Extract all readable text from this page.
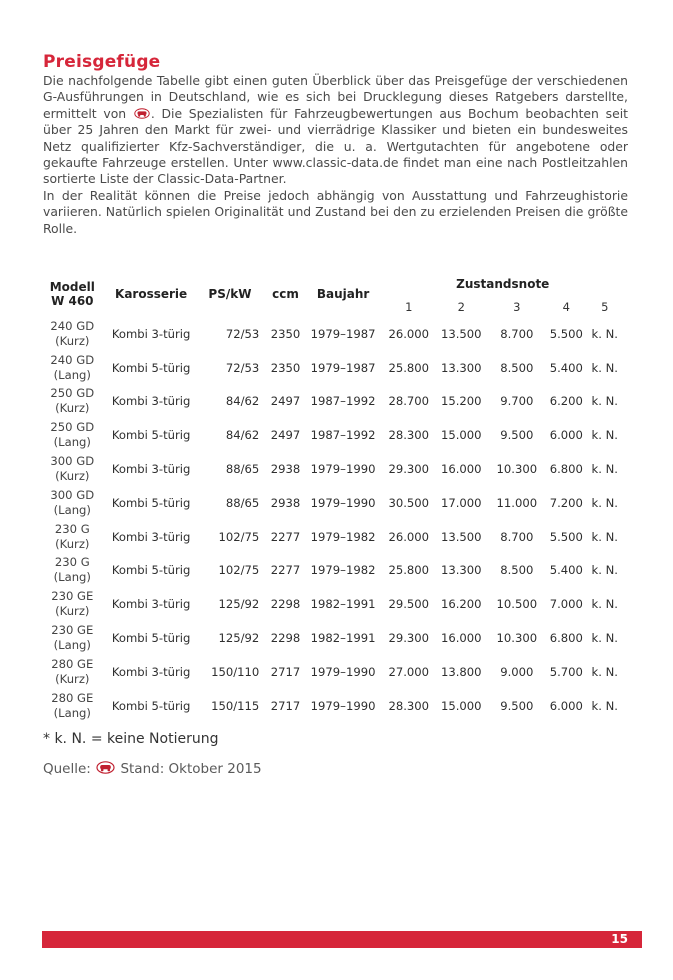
Preisgefüge

Die nachfolgende Tabelle gibt einen guten Überblick über das Preisgefüge der verschiedenen G-Ausführungen in Deutschland, wie es sich bei Drucklegung dieses Ratgebers darstellte, ermittelt von . Die Spezialisten für Fahrzeugbewertungen aus Bochum beobachten seit über 25 Jahren den Markt für zwei- und vierrädrige Klassiker und bieten ein bundesweites Netz qualifizierter Kfz-Sachverständiger, die u. a. Wertgutachten für angebotene oder gekaufte Fahrzeuge erstellen. Unter www.classic-data.de findet man eine nach Postleitzahlen sortierte Liste der Classic-Data-Partner.

In der Realität können die Preise jedoch abhängig von Ausstattung und Fahrzeughistorie variieren. Natürlich spielen Originalität und Zustand bei den zu erzielenden Preisen die größte Rolle.

Modell
W 460	Karosserie	PS/kW	ccm	Baujahr	Zustandsnote				
					1	2	3	4	5

240 GD
(Kurz)	Kombi 3-türig	72/53	2350	1979–1987	26.000	13.500	8.700	5.500	k. N.

240 GD
(Lang)	Kombi 5-türig	72/53	2350	1979–1987	25.800	13.300	8.500	5.400	k. N.

250 GD
(Kurz)	Kombi 3-türig	84/62	2497	1987–1992	28.700	15.200	9.700	6.200	k. N.

250 GD
(Lang)	Kombi 5-türig	84/62	2497	1987–1992	28.300	15.000	9.500	6.000	k. N.

300 GD
(Kurz)	Kombi 3-türig	88/65	2938	1979–1990	29.300	16.000	10.300	6.800	k. N.

300 GD
(Lang)	Kombi 5-türig	88/65	2938	1979–1990	30.500	17.000	11.000	7.200	k. N.

230 G
(Kurz)	Kombi 3-türig	102/75	2277	1979–1982	26.000	13.500	8.700	5.500	k. N.

230 G
(Lang)	Kombi 5-türig	102/75	2277	1979–1982	25.800	13.300	8.500	5.400	k. N.

230 GE
(Kurz)	Kombi 3-türig	125/92	2298	1982–1991	29.500	16.200	10.500	7.000	k. N.

230 GE
(Lang)	Kombi 5-türig	125/92	2298	1982–1991	29.300	16.000	10.300	6.800	k. N.

280 GE
(Kurz)	Kombi 3-türig	150/110	2717	1979–1990	27.000	13.800	9.000	5.700	k. N.

280 GE
(Lang)	Kombi 5-türig	150/115	2717	1979–1990	28.300	15.000	9.500	6.000	k. N.

* k. N. = keine Notierung

Quelle: Stand: Oktober 2015

15
